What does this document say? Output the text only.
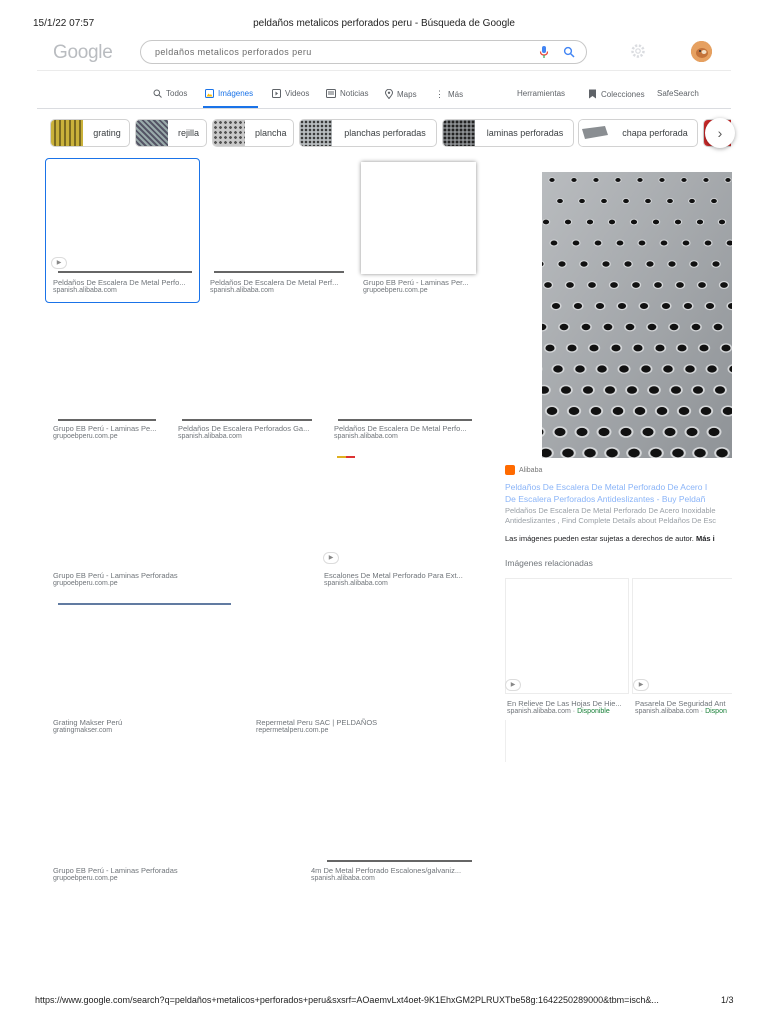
15/1/22 07:57	peldaños metalicos perforados peru - Búsqueda de Google
Google	peldaños metalicos perforados peru
Todos	Imágenes	Videos	Noticias	Maps ⋮ Más	Herramientas	Colecciones SafeSearch
grating	rejilla	plancha	planchas perforadas	laminas perforadas	chapa perforada	›
▶
Peldaños De Escalera De Metal Perfo...
spanish.alibaba.com
Peldaños De Escalera De Metal Perf...
spanish.alibaba.com
Grupo EB Perú - Laminas Per...
grupoebperu.com.pe
Grupo EB Perú - Laminas Pe...
grupoebperu.com.pe
Peldaños De Escalera Perforados Ga...
spanish.alibaba.com
Peldaños De Escalera De Metal Perfo...
spanish.alibaba.com
▶
Grupo EB Perú - Laminas Perforadas
grupoebperu.com.pe
Escalones De Metal Perforado Para Ext...
spanish.alibaba.com
Grating Makser Perú
gratingmakser.com
Repermetal Peru SAC | PELDAÑOS
repermetalperu.com.pe
Grupo EB Perú - Laminas Perforadas
grupoebperu.com.pe
4m De Metal Perforado Escalones/galvaniz...
spanish.alibaba.com
Alibaba
Peldaños De Escalera De Metal Perforado De Acero I
De Escalera Perforados Antideslizantes - Buy Peldañ
Peldaños De Escalera De Metal Perforado De Acero Inoxidable
Antideslizantes , Find Complete Details about Peldaños De Esc
Las imágenes pueden estar sujetas a derechos de autor. Más i
Imágenes relacionadas
▶	▶
En Relieve De Las Hojas De Hie...
spanish.alibaba.com · Disponible
Pasarela De Seguridad Ant
spanish.alibaba.com · Dispon
https://www.google.com/search?q=peldaños+metalicos+perforados+peru&sxsrf=AOaemvLxt4oet-9K1EhxGM2PLRUXTbe58g:1642250289000&tbm=isch&...	1/3
